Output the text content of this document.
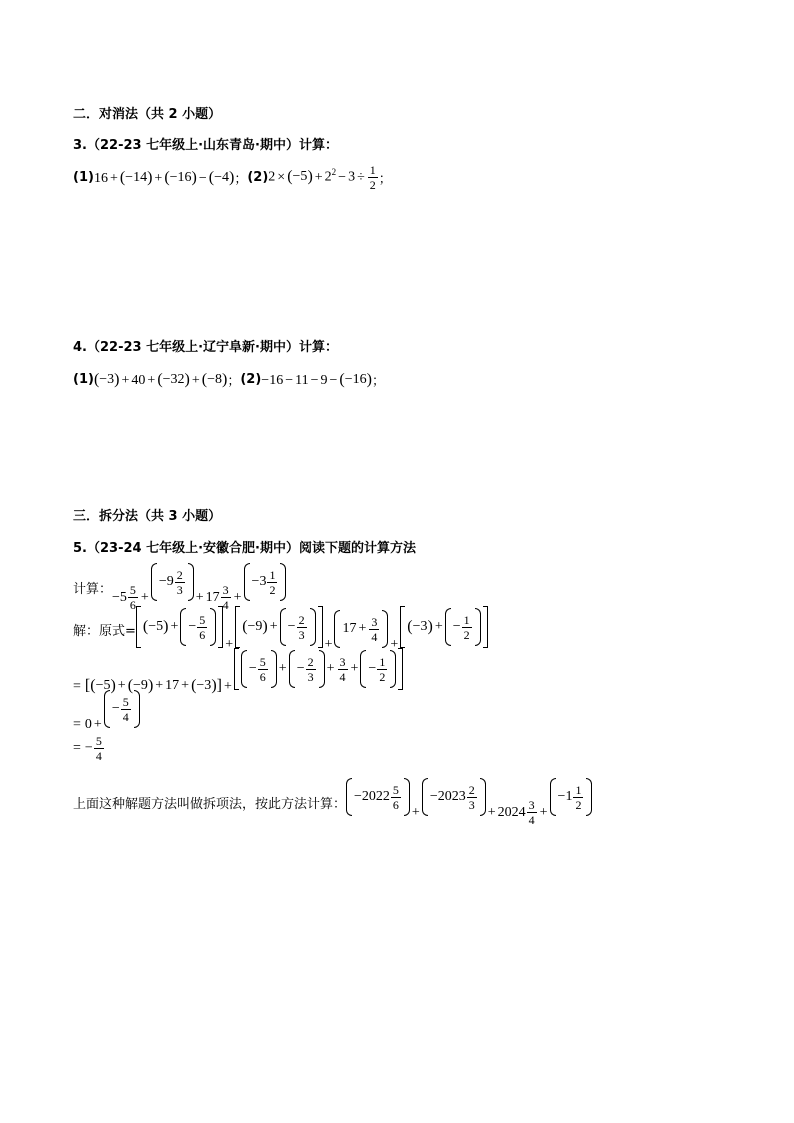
二．对消法（共 2 小题）
3.（22-23 七年级上·山东青岛·期中）计算：
(1) 16 + ( −14 ) + ( −16 ) − ( −4 ) ； (2) 2 × ( −5 ) + $2^2 - 3 \div \frac{1}{2}$ ；
4.（22-23 七年级上·辽宁阜新·期中）计算：
(1) ( −3 ) + 40 + ( −32 ) + ( −8 ) ； (2) −16 − 11 − 9 − ( −16 ) ；
三．拆分法（共 3 小题）
5.（23-24 七年级上·安徽合肥·期中）阅读下题的计算方法
计算：
$-5 \frac{5}{6} +-9 \frac{2}{3}$
+ $17 \frac{3}{4} +-3 \frac{1}{2}$
解：原式= ( −5 ) + − $\frac{5}{6}$
+
( −9 ) + − $\frac{2}{3}$
$+17 + \frac{3}{4}$
+
( −3 ) + − $\frac{1}{2}$
=	( [ −5 ) + ( −9 ) + 17 + ( −3 )
] +
− $\frac{5}{6}$ + − $\frac{2}{3} + \frac{3}{4}$ + − $\frac{1}{2}$
= $0 +- \frac{5}{4}$
= − $\frac{5}{4}$
上面这种解题方法叫做拆项法，按此方法计算：
$-2022 \frac{5}{6}$
$+-2023 \frac{2}{3}$
+ $2024 \frac{3}{4} +-1 \frac{1}{2}$
